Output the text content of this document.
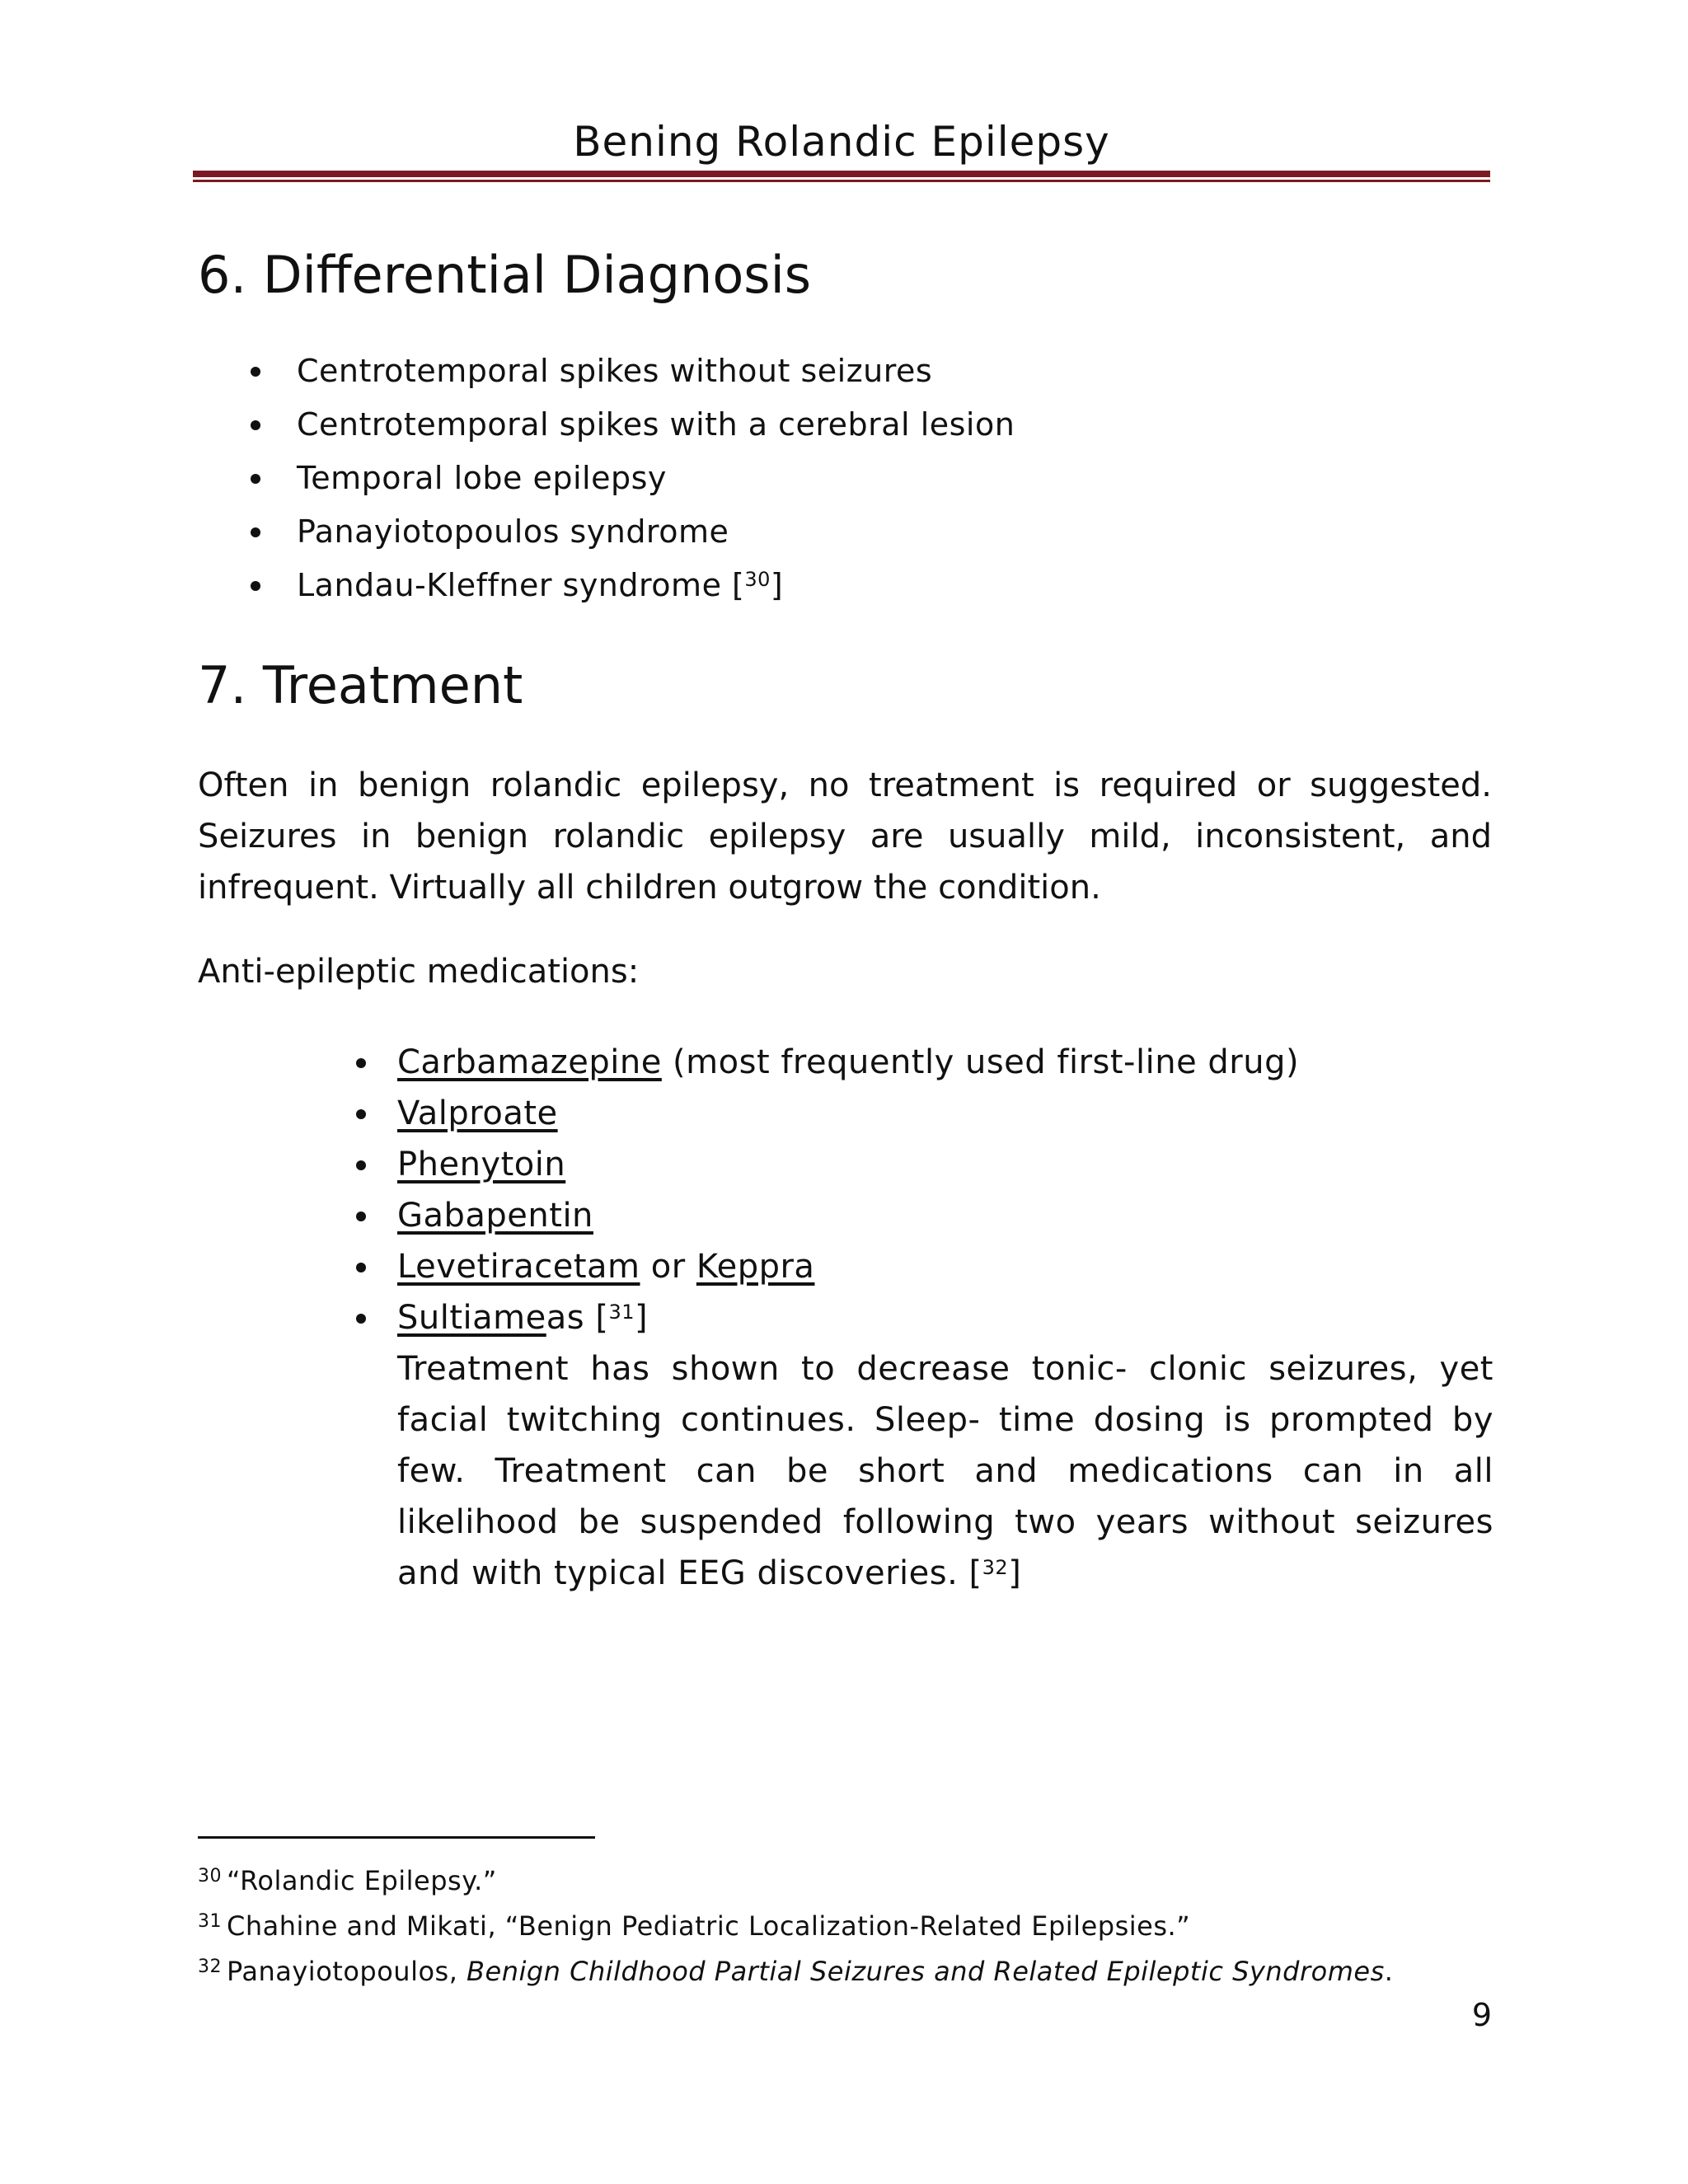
Bening Rolandic Epilepsy
6. Differential Diagnosis
Centrotemporal spikes without seizures
Centrotemporal spikes with a cerebral lesion
Temporal lobe epilepsy
Panayiotopoulos syndrome
Landau-Kleffner syndrome [$^{30}$]
7. Treatment

Often in benign rolandic epilepsy, no treatment is required or suggested. Seizures in benign rolandic epilepsy are usually mild, inconsistent, and infrequent. Virtually all children outgrow the condition.

Anti-epileptic medications:

Carbamazepine (most frequently used first-line drug)
Valproate
Phenytoin
Gabapentin
Levetiracetam or Keppra
Sultiameas [$^{31}$]
Treatment has shown to decrease tonic- clonic seizures, yet facial twitching continues. Sleep- time dosing is prompted by few. Treatment can be short and medications can in all likelihood be suspended following two years without seizures and with typical EEG discoveries. [$^{32}$]
$^{30}$ “Rolandic Epilepsy.”
$^{31}$ Chahine and Mikati, “Benign Pediatric Localization-Related Epilepsies.”
$^{32}$ Panayiotopoulos, Benign Childhood Partial Seizures and Related Epileptic Syndromes.
9
